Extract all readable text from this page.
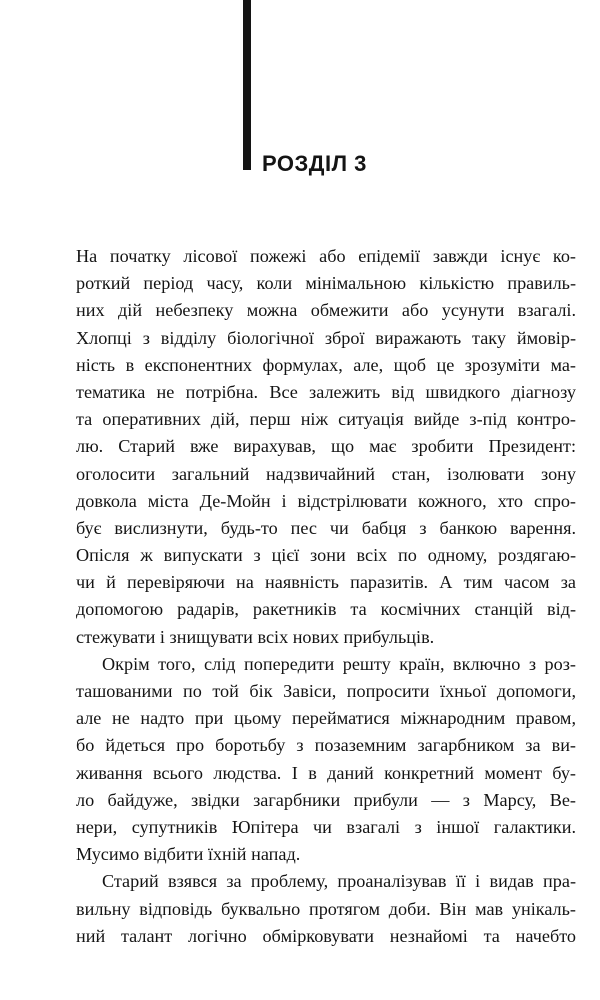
РОЗДІЛ 3
На початку лісової пожежі або епідемії завжди існує ко-
роткий період часу, коли мінімальною кількістю правиль-
них дій небезпеку можна обмежити або усунути взагалі.
Хлопці з відділу біологічної зброї виражають таку ймовір-
ність в експонентних формулах, але, щоб це зрозуміти ма-
тематика не потрібна. Все залежить від швидкого діагнозу
та оперативних дій, перш ніж ситуація вийде з-під контро-
лю. Старий вже вирахував, що має зробити Президент:
оголосити загальний надзвичайний стан, ізолювати зону
довкола міста Де-Мойн і відстрілювати кожного, хто спро-
бує вислизнути, будь-то пес чи бабця з банкою варення.
Опісля ж випускати з цієї зони всіх по одному, роздягаю-
чи й перевіряючи на наявність паразитів. А тим часом за
допомогою радарів, ракетників та космічних станцій від-
стежувати і знищувати всіх нових прибульців.
Окрім того, слід попередити решту країн, включно з роз-
ташованими по той бік Завіси, попросити їхньої допомоги,
але не надто при цьому перейматися міжнародним правом,
бо йдеться про боротьбу з позаземним загарбником за ви-
живання всього людства. І в даний конкретний момент бу-
ло байдуже, звідки загарбники прибули — з Марсу, Ве-
нери, супутників Юпітера чи взагалі з іншої галактики.
Мусимо відбити їхній напад.
Старий взявся за проблему, проаналізував її і видав пра-
вильну відповідь буквально протягом доби. Він мав унікаль-
ний талант логічно обмірковувати незнайомі та начебто
